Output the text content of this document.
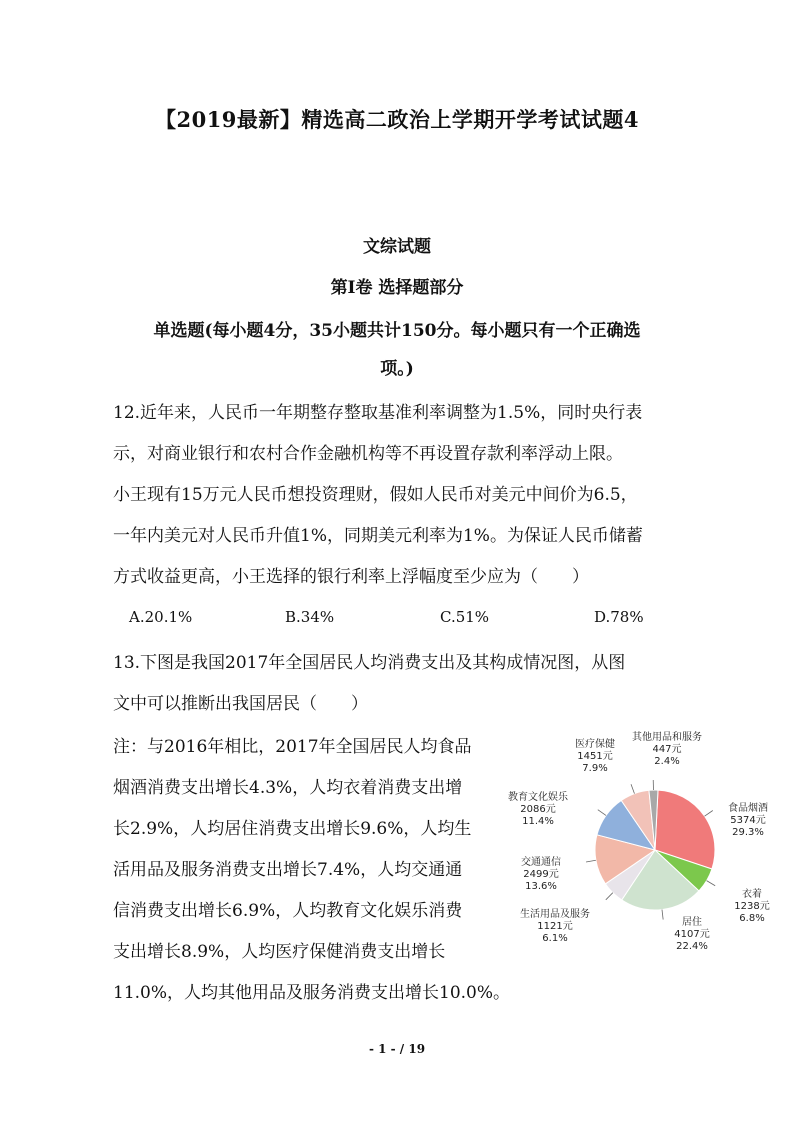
【2019最新】精选高二政治上学期开学考试试题4
文综试题
第Ⅰ卷 选择题部分
单选题(每小题4分，35小题共计150分。每小题只有一个正确选
项。)
12.近年来，人民币一年期整存整取基准利率调整为1.5%，同时央行表
示，对商业银行和农村合作金融机构等不再设置存款利率浮动上限。
小王现有15万元人民币想投资理财，假如人民币对美元中间价为6.5，
一年内美元对人民币升值1%，同期美元利率为1%。为保证人民币储蓄
方式收益更高，小王选择的银行利率上浮幅度至少应为（　　）
A.20.1%	B.34%	C.51%	D.78%
13.下图是我国2017年全国居民人均消费支出及其构成情况图，从图
文中可以推断出我国居民（　　）
注：与2016年相比，2017年全国居民人均食品
烟酒消费支出增长4.3%，人均衣着消费支出增
长2.9%，人均居住消费支出增长9.6%，人均生
活用品及服务消费支出增长7.4%，人均交通通
信消费支出增长6.9%，人均教育文化娱乐消费
支出增长8.9%，人均医疗保健消费支出增长
11.0%，人均其他用品及服务消费支出增长10.0%。
食品烟酒
5374元
29.3%
衣着
1238元
6.8%
居住
4107元
22.4%
生活用品及服务
1121元
6.1%
交通通信
2499元
13.6%
教育文化娱乐
2086元
11.4%
医疗保健
1451元
7.9%
其他用品和服务
447元
2.4%
- 1 - / 19
